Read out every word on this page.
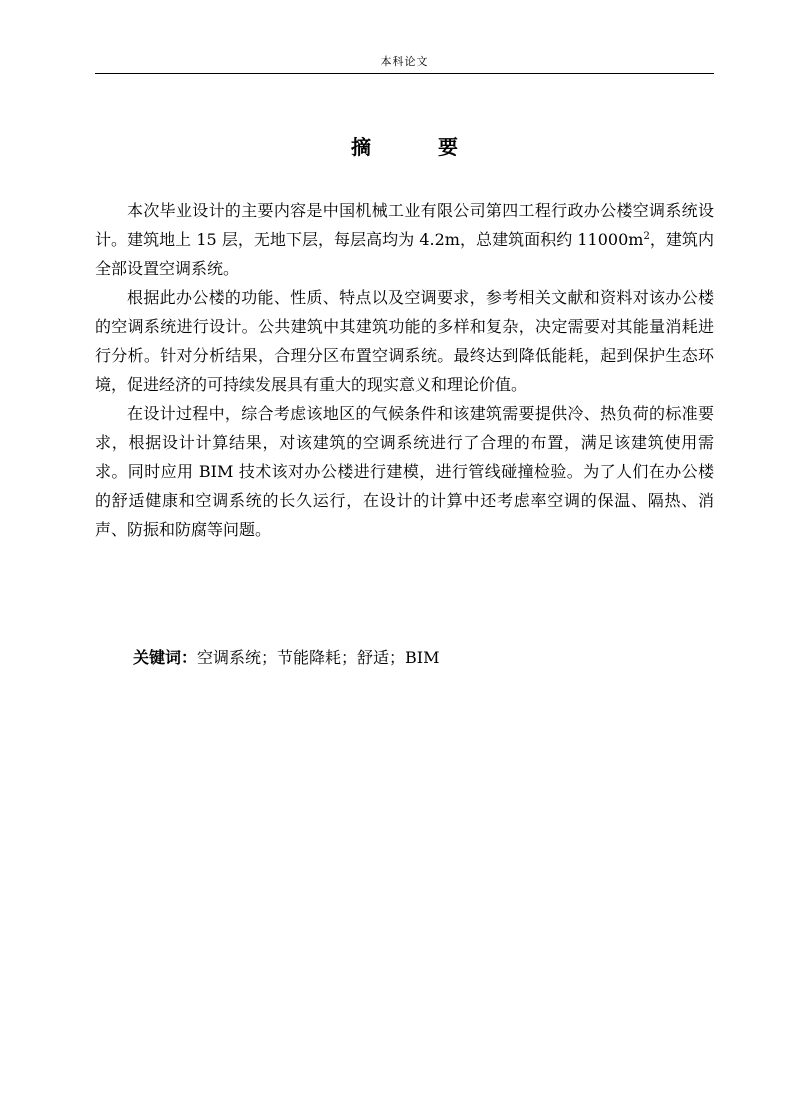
本科论文
摘 要

本次毕业设计的主要内容是中国机械工业有限公司第四工程行政办公楼空调系统设计。建筑地上 15 层，无地下层，每层高均为 4.2m，总建筑面积约 $11000m^2$，建筑内全部设置空调系统。

根据此办公楼的功能、性质、特点以及空调要求，参考相关文献和资料对该办公楼的空调系统进行设计。公共建筑中其建筑功能的多样和复杂，决定需要对其能量消耗进行分析。针对分析结果，合理分区布置空调系统。最终达到降低能耗，起到保护生态环境，促进经济的可持续发展具有重大的现实意义和理论价值。

在设计过程中，综合考虑该地区的气候条件和该建筑需要提供冷、热负荷的标准要求，根据设计计算结果，对该建筑的空调系统进行了合理的布置，满足该建筑使用需求。同时应用 BIM 技术该对办公楼进行建模，进行管线碰撞检验。为了人们在办公楼的舒适健康和空调系统的长久运行，在设计的计算中还考虑率空调的保温、隔热、消声、防振和防腐等问题。

关键词：空调系统；节能降耗；舒适；BIM
